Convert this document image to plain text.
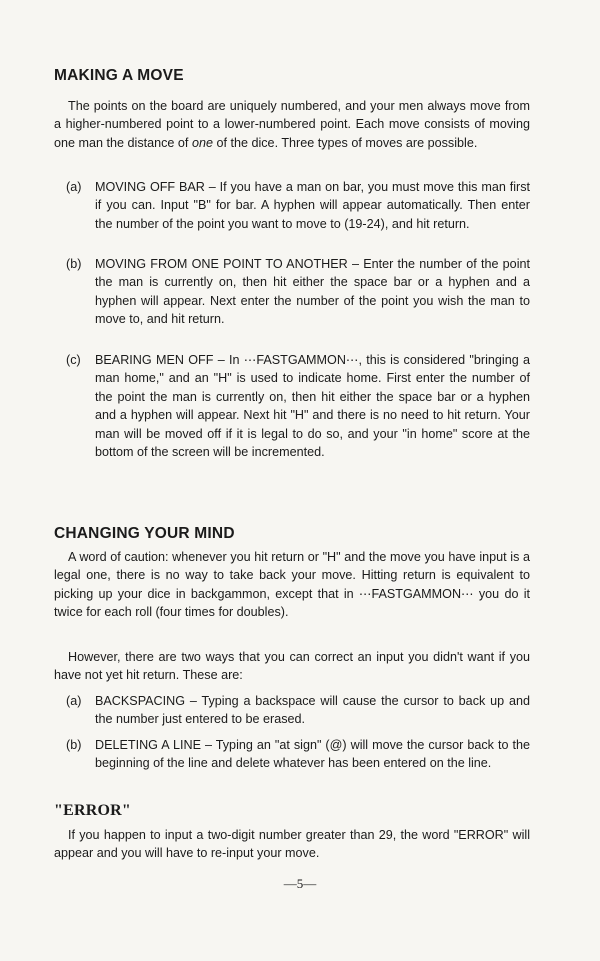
MAKING A MOVE

The points on the board are uniquely numbered, and your men always move from a higher-numbered point to a lower-numbered point. Each move consists of moving one man the distance of one of the dice. Three types of moves are possible.

(a) MOVING OFF BAR – If you have a man on bar, you must move this man first if you can. Input "B" for bar. A hyphen will appear automatically. Then enter the number of the point you want to move to (19-24), and hit return.

(b) MOVING FROM ONE POINT TO ANOTHER – Enter the number of the point the man is currently on, then hit either the space bar or a hyphen and a hyphen will appear. Next enter the number of the point you wish the man to move to, and hit return.

(c) BEARING MEN OFF – In ⋯FASTGAMMON⋯, this is considered "bringing a man home," and an "H" is used to indicate home. First enter the number of the point the man is currently on, then hit either the space bar or a hyphen and a hyphen will appear. Next hit "H" and there is no need to hit return. Your man will be moved off if it is legal to do so, and your "in home" score at the bottom of the screen will be incremented.

CHANGING YOUR MIND

A word of caution: whenever you hit return or "H" and the move you have input is a legal one, there is no way to take back your move. Hitting return is equivalent to picking up your dice in backgammon, except that in ⋯FASTGAMMON⋯ you do it twice for each roll (four times for doubles).

However, there are two ways that you can correct an input you didn't want if you have not yet hit return. These are:

(a) BACKSPACING – Typing a backspace will cause the cursor to back up and the number just entered to be erased.

(b) DELETING A LINE – Typing an "at sign" (@) will move the cursor back to the beginning of the line and delete whatever has been entered on the line.

"ERROR"

If you happen to input a two-digit number greater than 29, the word "ERROR" will appear and you will have to re-input your move.

—5—
